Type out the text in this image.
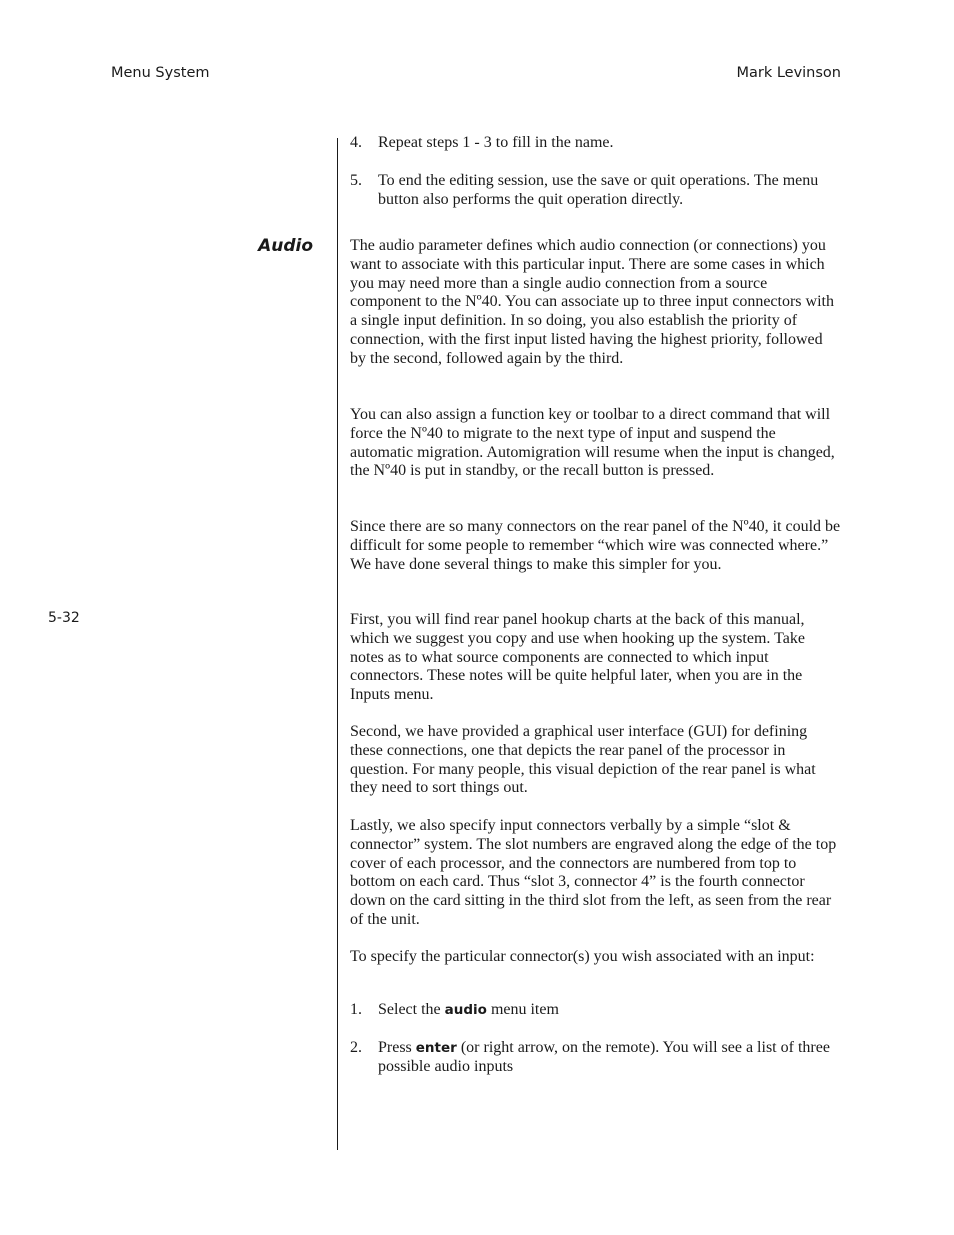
Menu System	Mark Levinson
5-32
4.	Repeat steps 1 - 3 to fill in the name.
5.	To end the editing session, use the save or quit operations. The menu button also performs the quit operation directly.
Audio The audio parameter defines which audio connection (or connections) you want to associate with this particular input. There are some cases in which you may need more than a single audio connection from a source component to the Nº40. You can associate up to three input connectors with a single input definition. In so doing, you also establish the priority of connection, with the first input listed having the highest priority, followed by the second, followed again by the third.
You can also assign a function key or toolbar to a direct command that will force the Nº40 to migrate to the next type of input and suspend the automatic migration. Automigration will resume when the input is changed, the Nº40 is put in standby, or the recall button is pressed.
Since there are so many connectors on the rear panel of the Nº40, it could be difficult for some people to remember “which wire was connected where.” We have done several things to make this simpler for you.
First, you will find rear panel hookup charts at the back of this manual, which we suggest you copy and use when hooking up the system. Take notes as to what source components are connected to which input connectors. These notes will be quite helpful later, when you are in the Inputs menu.
Second, we have provided a graphical user interface (GUI) for defining these connections, one that depicts the rear panel of the processor in question. For many people, this visual depiction of the rear panel is what they need to sort things out.
Lastly, we also specify input connectors verbally by a simple “slot & connector” system. The slot numbers are engraved along the edge of the top cover of each processor, and the connectors are numbered from top to bottom on each card. Thus “slot 3, connector 4” is the fourth connector down on the card sitting in the third slot from the left, as seen from the rear of the unit.
To specify the particular connector(s) you wish associated with an input:
1.	Select the audio menu item
2.	Press enter (or right arrow, on the remote). You will see a list of three possible audio inputs
